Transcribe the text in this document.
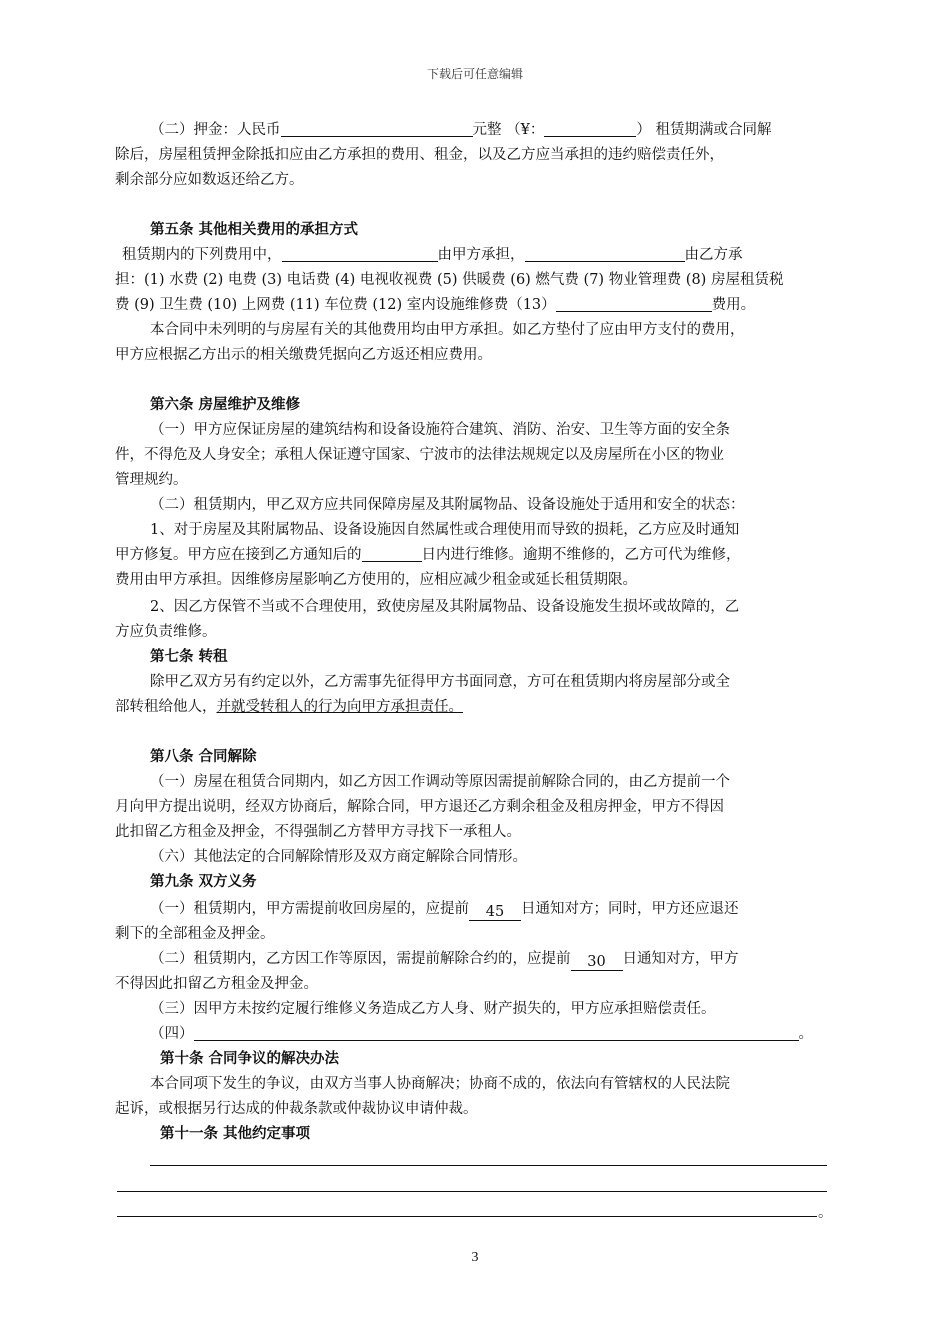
下载后可任意编辑
（二）押金：人民币	元整 （¥：	） 租赁期满或合同解
除后，房屋租赁押金除抵扣应由乙方承担的费用、租金，以及乙方应当承担的违约赔偿责任外，
剩余部分应如数返还给乙方。
第五条 其他相关费用的承担方式
租赁期内的下列费用中，	由甲方承担，	由乙方承
担：(1) 水费 (2) 电费 (3) 电话费 (4) 电视收视费 (5) 供暖费 (6) 燃气费 (7) 物业管理费 (8) 房屋租赁税
费 (9) 卫生费 (10) 上网费 (11) 车位费 (12) 室内设施维修费（13）	费用。
本合同中未列明的与房屋有关的其他费用均由甲方承担。如乙方垫付了应由甲方支付的费用，
甲方应根据乙方出示的相关缴费凭据向乙方返还相应费用。
第六条 房屋维护及维修
（一）甲方应保证房屋的建筑结构和设备设施符合建筑、消防、治安、卫生等方面的安全条
件，不得危及人身安全；承租人保证遵守国家、宁波市的法律法规规定以及房屋所在小区的物业
管理规约。
（二）租赁期内，甲乙双方应共同保障房屋及其附属物品、设备设施处于适用和安全的状态：
1、对于房屋及其附属物品、设备设施因自然属性或合理使用而导致的损耗，乙方应及时通知
甲方修复。甲方应在接到乙方通知后的	日内进行维修。逾期不维修的，乙方可代为维修，
费用由甲方承担。因维修房屋影响乙方使用的，应相应减少租金或延长租赁期限。
2、因乙方保管不当或不合理使用，致使房屋及其附属物品、设备设施发生损坏或故障的，乙
方应负责维修。
第七条 转租
除甲乙双方另有约定以外，乙方需事先征得甲方书面同意，方可在租赁期内将房屋部分或全
部转租给他人，并就受转租人的行为向甲方承担责任。
第八条 合同解除
（一）房屋在租赁合同期内，如乙方因工作调动等原因需提前解除合同的，由乙方提前一个
月向甲方提出说明，经双方协商后，解除合同，甲方退还乙方剩余租金及租房押金，甲方不得因
此扣留乙方租金及押金，不得强制乙方替甲方寻找下一承租人。
（六）其他法定的合同解除情形及双方商定解除合同情形。
第九条 双方义务
（一）租赁期内，甲方需提前收回房屋的，应提前 45 日通知对方；同时，甲方还应退还
剩下的全部租金及押金。
（二）租赁期内，乙方因工作等原因，需提前解除合约的，应提前 30 日通知对方，甲方
不得因此扣留乙方租金及押金。
（三）因甲方未按约定履行维修义务造成乙方人身、财产损失的，甲方应承担赔偿责任。
（四）	。
第十条 合同争议的解决办法
本合同项下发生的争议，由双方当事人协商解决；协商不成的，依法向有管辖权的人民法院
起诉，或根据另行达成的仲裁条款或仲裁协议申请仲裁。
第十一条 其他约定事项
。
3
